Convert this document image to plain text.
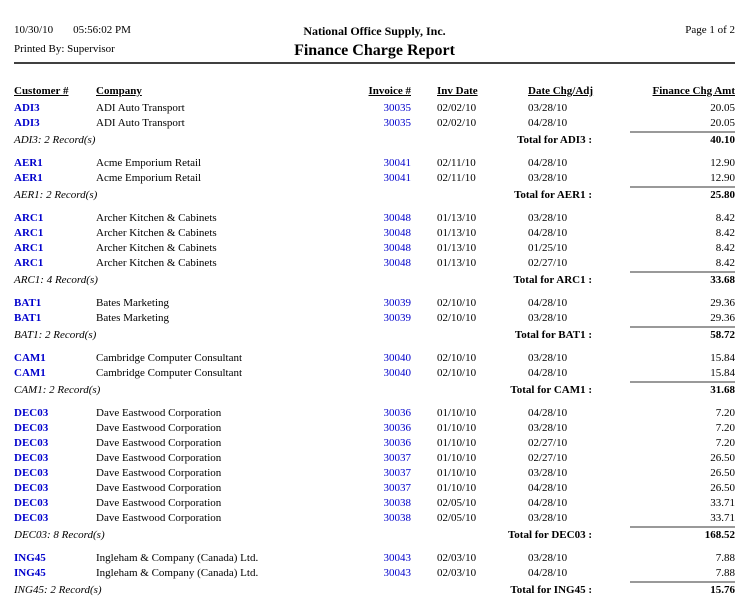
10/30/10 05:56:02 PM	National Office Supply, Inc.	Page 1 of 2
Printed By: Supervisor	Finance Charge Report
Customer #	Company	Invoice #	Inv Date	Date Chg/Adj	Finance Chg Amt
ADI3	ADI Auto Transport	30035	02/02/10	03/28/10	20.05
ADI3	ADI Auto Transport	30035	02/02/10	04/28/10	20.05
ADI3: 2 Record(s)	Total for ADI3 :	40.10
AER1	Acme Emporium Retail	30041	02/11/10	04/28/10	12.90
AER1	Acme Emporium Retail	30041	02/11/10	03/28/10	12.90
AER1: 2 Record(s)	Total for AER1 :	25.80
ARC1	Archer Kitchen & Cabinets	30048	01/13/10	03/28/10	8.42
ARC1	Archer Kitchen & Cabinets	30048	01/13/10	04/28/10	8.42
ARC1	Archer Kitchen & Cabinets	30048	01/13/10	01/25/10	8.42
ARC1	Archer Kitchen & Cabinets	30048	01/13/10	02/27/10	8.42
ARC1: 4 Record(s)	Total for ARC1 :	33.68
BAT1	Bates Marketing	30039	02/10/10	04/28/10	29.36
BAT1	Bates Marketing	30039	02/10/10	03/28/10	29.36
BAT1: 2 Record(s)	Total for BAT1 :	58.72
CAM1	Cambridge Computer Consultant	30040	02/10/10	03/28/10	15.84
CAM1	Cambridge Computer Consultant	30040	02/10/10	04/28/10	15.84
CAM1: 2 Record(s)	Total for CAM1 :	31.68
DEC03	Dave Eastwood Corporation	30036	01/10/10	04/28/10	7.20
DEC03	Dave Eastwood Corporation	30036	01/10/10	03/28/10	7.20
DEC03	Dave Eastwood Corporation	30036	01/10/10	02/27/10	7.20
DEC03	Dave Eastwood Corporation	30037	01/10/10	02/27/10	26.50
DEC03	Dave Eastwood Corporation	30037	01/10/10	03/28/10	26.50
DEC03	Dave Eastwood Corporation	30037	01/10/10	04/28/10	26.50
DEC03	Dave Eastwood Corporation	30038	02/05/10	04/28/10	33.71
DEC03	Dave Eastwood Corporation	30038	02/05/10	03/28/10	33.71
DEC03: 8 Record(s)	Total for DEC03 :	168.52
ING45	Ingleham & Company (Canada) Ltd.	30043	02/03/10	03/28/10	7.88
ING45	Ingleham & Company (Canada) Ltd.	30043	02/03/10	04/28/10	7.88
ING45: 2 Record(s)	Total for ING45 :	15.76
